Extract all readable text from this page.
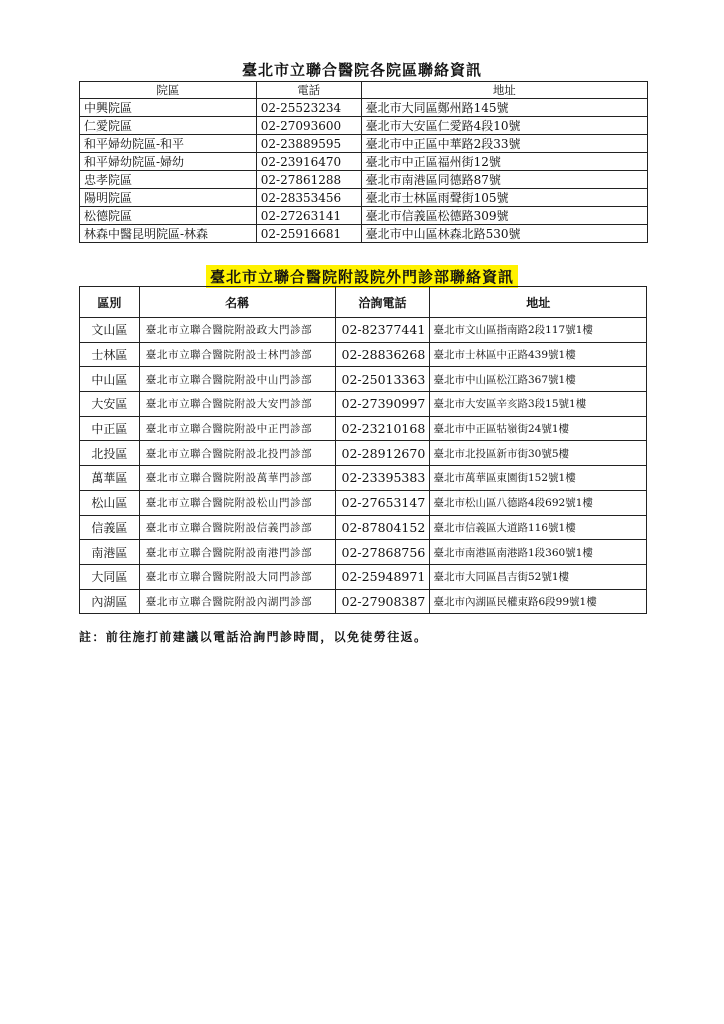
臺北市立聯合醫院各院區聯絡資訊
院區	電話	地址
中興院區	02-25523234	臺北市大同區鄭州路145號
仁愛院區	02-27093600	臺北市大安區仁愛路4段10號
和平婦幼院區-和平	02-23889595	臺北市中正區中華路2段33號
和平婦幼院區-婦幼	02-23916470	臺北市中正區福州街12號
忠孝院區	02-27861288	臺北市南港區同德路87號
陽明院區	02-28353456	臺北市士林區雨聲街105號
松德院區	02-27263141	臺北市信義區松德路309號
林森中醫昆明院區-林森	02-25916681	臺北市中山區林森北路530號
臺北市立聯合醫院附設院外門診部聯絡資訊
區別	名稱	洽詢電話	地址
文山區	臺北市立聯合醫院附設政大門診部	02-82377441	臺北市文山區指南路2段117號1樓
士林區	臺北市立聯合醫院附設士林門診部	02-28836268	臺北市士林區中正路439號1樓
中山區	臺北市立聯合醫院附設中山門診部	02-25013363	臺北市中山區松江路367號1樓
大安區	臺北市立聯合醫院附設大安門診部	02-27390997	臺北市大安區辛亥路3段15號1樓
中正區	臺北市立聯合醫院附設中正門診部	02-23210168	臺北市中正區牯嶺街24號1樓
北投區	臺北市立聯合醫院附設北投門診部	02-28912670	臺北市北投區新市街30號5樓
萬華區	臺北市立聯合醫院附設萬華門診部	02-23395383	臺北市萬華區東園街152號1樓
松山區	臺北市立聯合醫院附設松山門診部	02-27653147	臺北市松山區八德路4段692號1樓
信義區	臺北市立聯合醫院附設信義門診部	02-87804152	臺北市信義區大道路116號1樓
南港區	臺北市立聯合醫院附設南港門診部	02-27868756	臺北市南港區南港路1段360號1樓
大同區	臺北市立聯合醫院附設大同門診部	02-25948971	臺北市大同區昌吉街52號1樓
內湖區	臺北市立聯合醫院附設內湖門診部	02-27908387	臺北市內湖區民權東路6段99號1樓
註：前往施打前建議以電話洽詢門診時間，以免徒勞往返。
